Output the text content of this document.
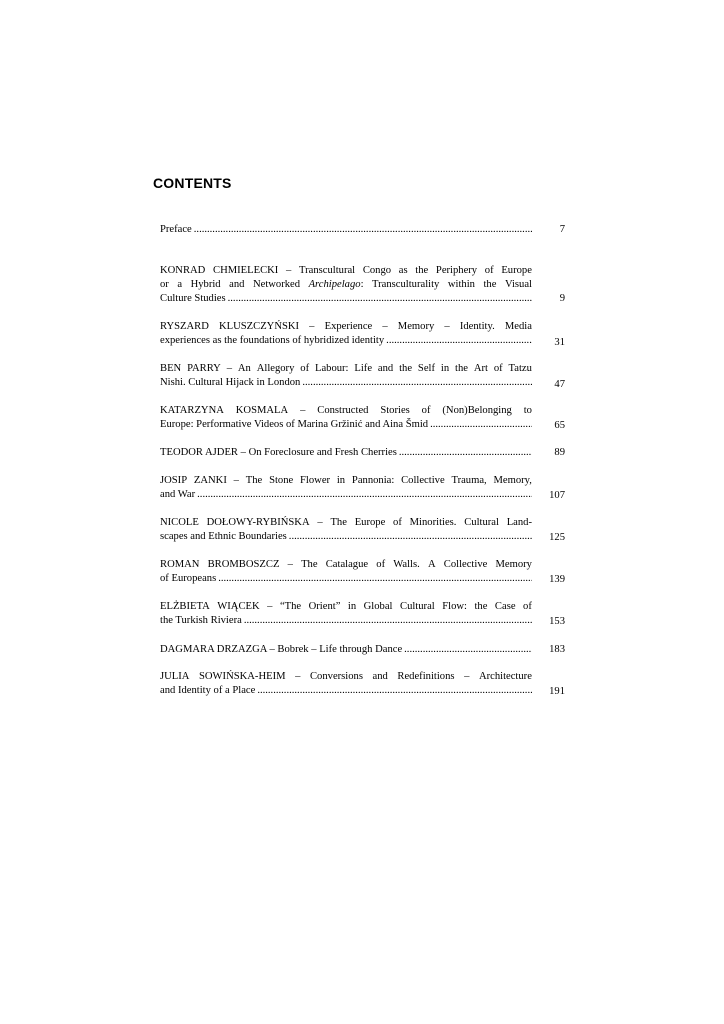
CONTENTS
Preface .....	7
KONRAD CHMIELECKI – Transcultural Congo as the Periphery of Europe
or a Hybrid and Networked Archipelago: Transculturality within the Visual
Culture Studies .....	9
RYSZARD KLUSZCZYŃSKI – Experience – Memory – Identity. Media
experiences as the foundations of hybridized identity .....	31
BEN PARRY – An Allegory of Labour: Life and the Self in the Art of Tatzu
Nishi. Cultural Hijack in London .....	47
KATARZYNA KOSMALA – Constructed Stories of (Non)Belonging to
Europe: Performative Videos of Marina Gržinić and Aina Šmid .....	65
TEODOR AJDER – On Foreclosure and Fresh Cherries .....	89
JOSIP ZANKI – The Stone Flower in Pannonia: Collective Trauma, Memory,
and War .....	107
NICOLE DOŁOWY-RYBIŃSKA – The Europe of Minorities. Cultural Land-
scapes and Ethnic Boundaries .....	125
ROMAN BROMBOSZCZ – The Catalague of Walls. A Collective Memory
of Europeans .....	139
ELŻBIETA WIĄCEK – “The Orient” in Global Cultural Flow: the Case of
the Turkish Riviera .....	153
DAGMARA DRZAZGA – Bobrek – Life through Dance .....	183
JULIA SOWIŃSKA-HEIM – Conversions and Redefinitions – Architecture
and Identity of a Place .....	191
